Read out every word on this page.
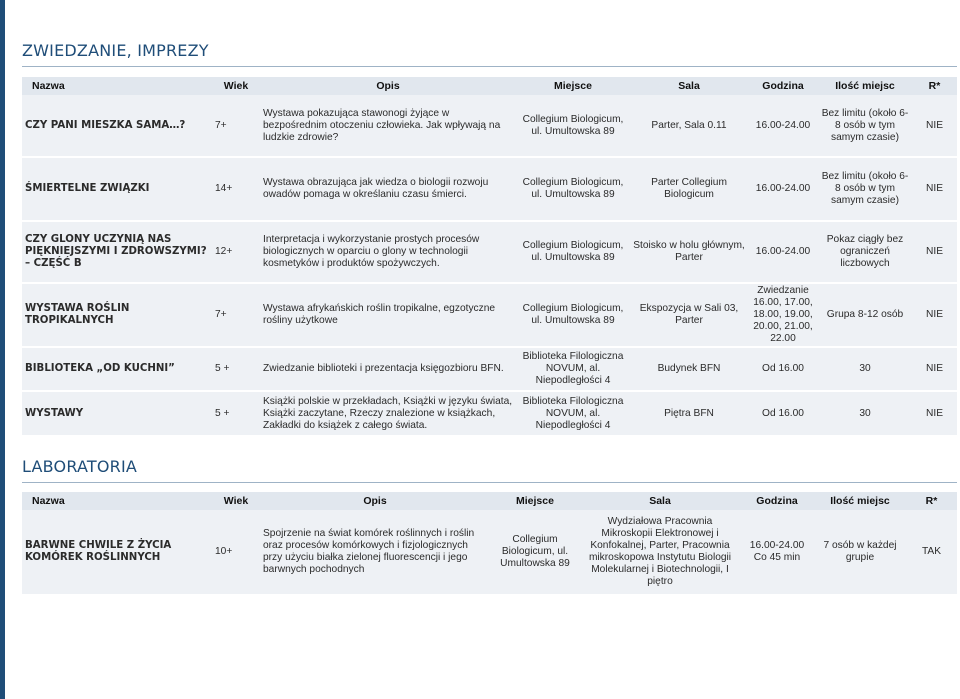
ZWIEDZANIE, IMPREZY
Nazwa	Wiek	Opis	Miejsce	Sala	Godzina	Ilość miejsc	R*
CZY PANI MIESZKA SAMA…?	7+	Wystawa pokazująca stawonogi żyjące w bezpośrednim otoczeniu człowieka. Jak wpływają na ludzkie zdrowie?	Collegium Biologicum, ul. Umultowska 89	Parter, Sala 0.11	16.00-24.00	Bez limitu (około 6-8 osób w tym samym czasie)	NIE
ŚMIERTELNE ZWIĄZKI	14+	Wystawa obrazująca jak wiedza o biologii rozwoju owadów pomaga w określaniu czasu śmierci.	Collegium Biologicum, ul. Umultowska 89	Parter Collegium Biologicum	16.00-24.00	Bez limitu (około 6-8 osób w tym samym czasie)	NIE
CZY GLONY UCZYNIĄ NAS PIĘKNIEJSZYMI I ZDROWSZYMI? – CZĘŚĆ B	12+	Interpretacja i wykorzystanie prostych procesów biologicznych w oparciu o glony w technologii kosmetyków i produktów spożywczych.	Collegium Biologicum, ul. Umultowska 89	Stoisko w holu głównym, Parter	16.00-24.00	Pokaz ciągły bez ograniczeń liczbowych	NIE
WYSTAWA ROŚLIN TROPIKALNYCH	7+	Wystawa afrykańskich roślin tropikalne, egzotyczne rośliny użytkowe	Collegium Biologicum, ul. Umultowska 89	Ekspozycja w Sali 03, Parter	Zwiedzanie 16.00, 17.00, 18.00, 19.00, 20.00, 21.00, 22.00	Grupa 8-12 osób	NIE
BIBLIOTEKA „OD KUCHNI”	5 +	Zwiedzanie biblioteki i prezentacja księgozbioru BFN.	Biblioteka Filologiczna NOVUM, al. Niepodległości 4	Budynek BFN	Od 16.00	30	NIE
WYSTAWY	5 +	Książki polskie w przekładach, Książki w języku świata, Książki zaczytane, Rzeczy znalezione w książkach, Zakładki do książek z całego świata.	Biblioteka Filologiczna NOVUM, al. Niepodległości 4	Piętra BFN	Od 16.00	30	NIE
LABORATORIA
Nazwa	Wiek	Opis	Miejsce	Sala	Godzina	Ilość miejsc	R*
BARWNE CHWILE Z ŻYCIA KOMÓREK ROŚLINNYCH	10+	Spojrzenie na świat komórek roślinnych i roślin oraz procesów komórkowych i fizjologicznych przy użyciu białka zielonej fluorescencji i jego barwnych pochodnych	Collegium Biologicum, ul. Umultowska 89	Wydziałowa Pracownia Mikroskopii Elektronowej i Konfokalnej, Parter, Pracownia mikroskopowa Instytutu Biologii Molekularnej i Biotechnologii, I piętro	16.00-24.00 Co 45 min	7 osób w każdej grupie	TAK
